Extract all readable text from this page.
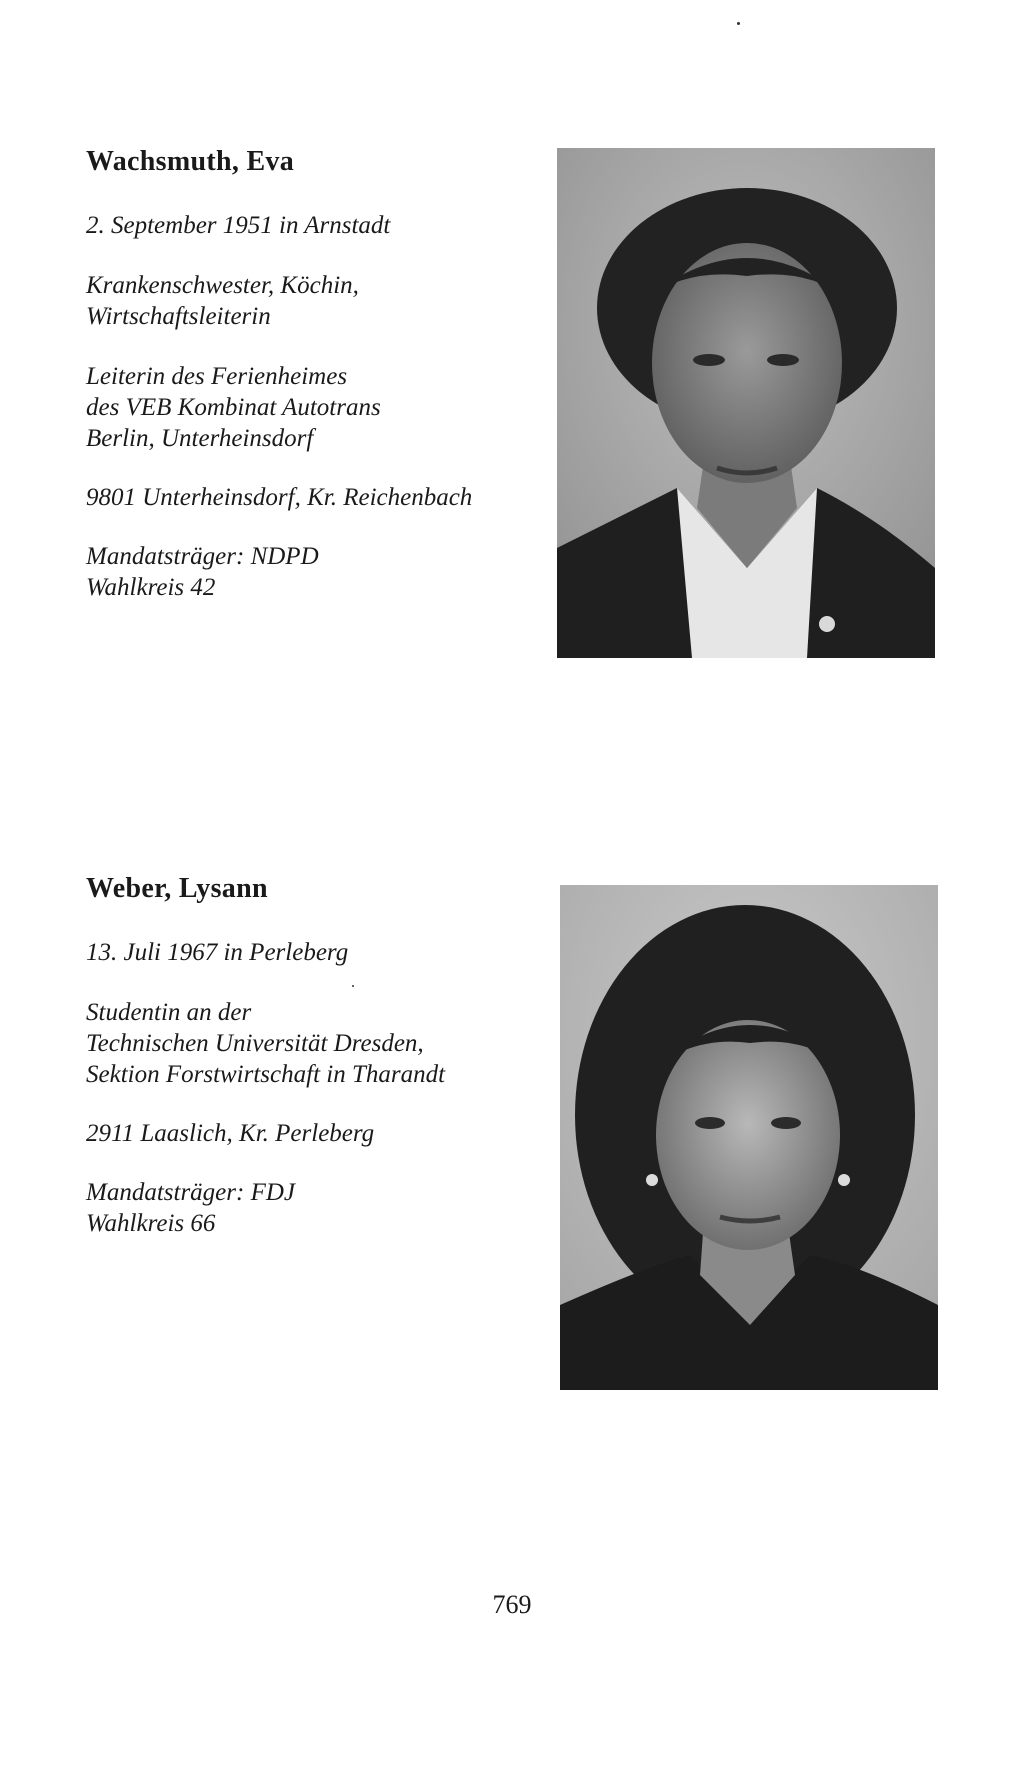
Wachsmuth, Eva

2. September 1951 in Arnstadt

Krankenschwester, Köchin,

Wirtschaftsleiterin

Leiterin des Ferienheimes

des VEB Kombinat Autotrans

Berlin, Unterheinsdorf

9801 Unterheinsdorf, Kr. Reichenbach

Mandatsträger: NDPD

Wahlkreis 42

Weber, Lysann

13. Juli 1967 in Perleberg

Studentin an der

Technischen Universität Dresden,

Sektion Forstwirtschaft in Tharandt

2911 Laaslich, Kr. Perleberg

Mandatsträger: FDJ

Wahlkreis 66

769
